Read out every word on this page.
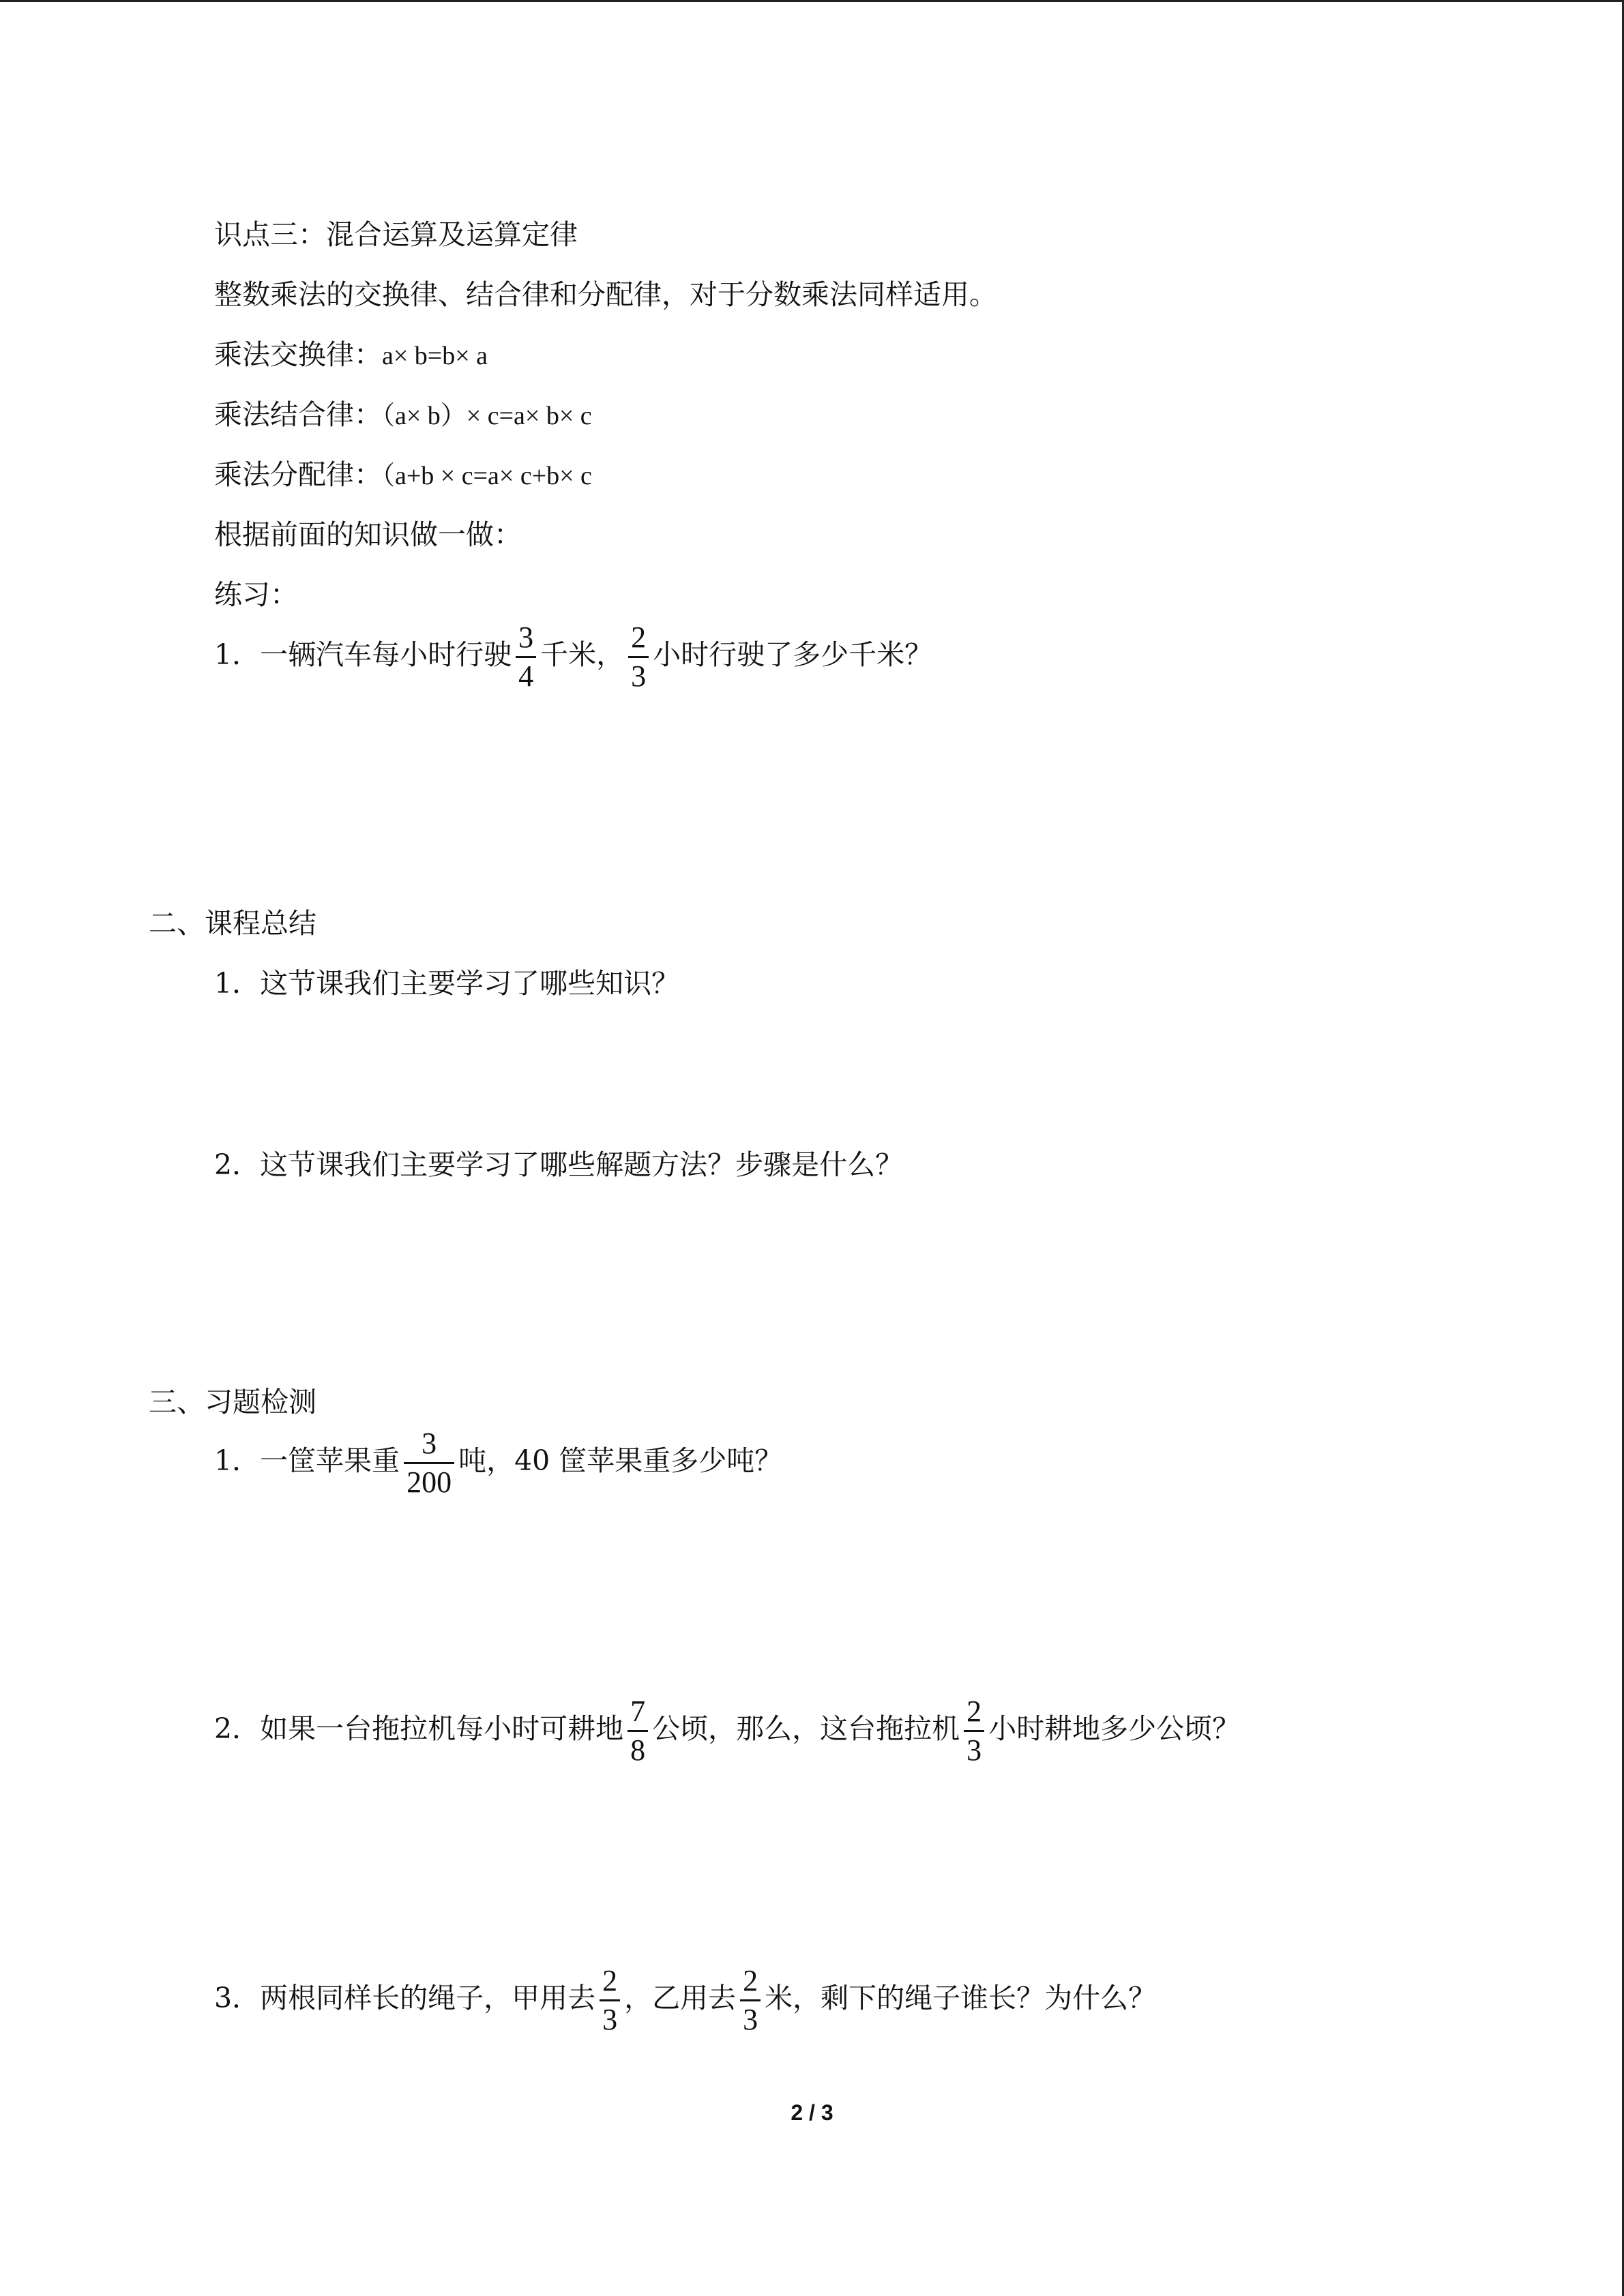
识点三：混合运算及运算定律
整数乘法的交换律、结合律和分配律，对于分数乘法同样适用。
乘法交换律：a× b=b× a
乘法结合律：（a× b）× c=a× b× c
乘法分配律：（a+b × c=a× c+b× c
根据前面的知识做一做：
练习：
1．一辆汽车每小时行驶 $\frac{3}{4}$ 千米， $\frac{2}{3}$ 小时行驶了多少千米？
二、课程总结
1．这节课我们主要学习了哪些知识？
2．这节课我们主要学习了哪些解题方法？步骤是什么？
三、习题检测
1．一筐苹果重 $\frac{3}{200}$ 吨，40 筐苹果重多少吨？
2．如果一台拖拉机每小时可耕地 $\frac{7}{8}$ 公顷，那么，这台拖拉机 $\frac{2}{3}$ 小时耕地多少公顷？
3．两根同样长的绳子，甲用去 $\frac{2}{3}$ ，乙用去 $\frac{2}{3}$ 米，剩下的绳子谁长？为什么？
2 / 3
